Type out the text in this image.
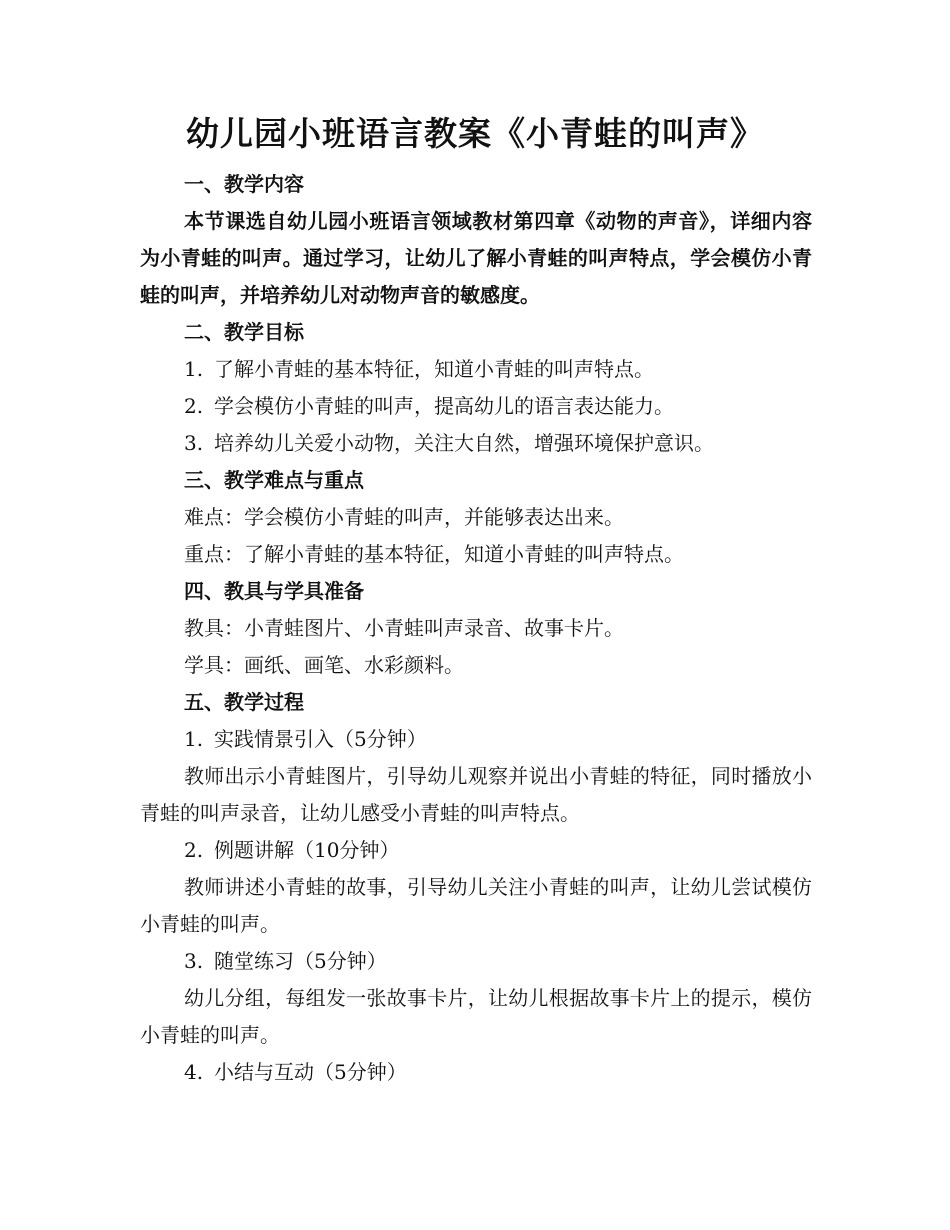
幼儿园小班语言教案《小青蛙的叫声》
一、教学内容

本节课选自幼儿园小班语言领域教材第四章《动物的声音》，详细内容为小青蛙的叫声。通过学习，让幼儿了解小青蛙的叫声特点，学会模仿小青蛙的叫声，并培养幼儿对动物声音的敏感度。

二、教学目标
1. 了解小青蛙的基本特征，知道小青蛙的叫声特点。
2. 学会模仿小青蛙的叫声，提高幼儿的语言表达能力。
3. 培养幼儿关爱小动物，关注大自然，增强环境保护意识。
三、教学难点与重点
难点：学会模仿小青蛙的叫声，并能够表达出来。
重点：了解小青蛙的基本特征，知道小青蛙的叫声特点。
四、教具与学具准备
教具：小青蛙图片、小青蛙叫声录音、故事卡片。
学具：画纸、画笔、水彩颜料。
五、教学过程
1. 实践情景引入（5分钟）

教师出示小青蛙图片，引导幼儿观察并说出小青蛙的特征，同时播放小青蛙的叫声录音，让幼儿感受小青蛙的叫声特点。

2. 例题讲解（10分钟）

教师讲述小青蛙的故事，引导幼儿关注小青蛙的叫声，让幼儿尝试模仿小青蛙的叫声。

3. 随堂练习（5分钟）

幼儿分组，每组发一张故事卡片，让幼儿根据故事卡片上的提示，模仿小青蛙的叫声。

4. 小结与互动（5分钟）
